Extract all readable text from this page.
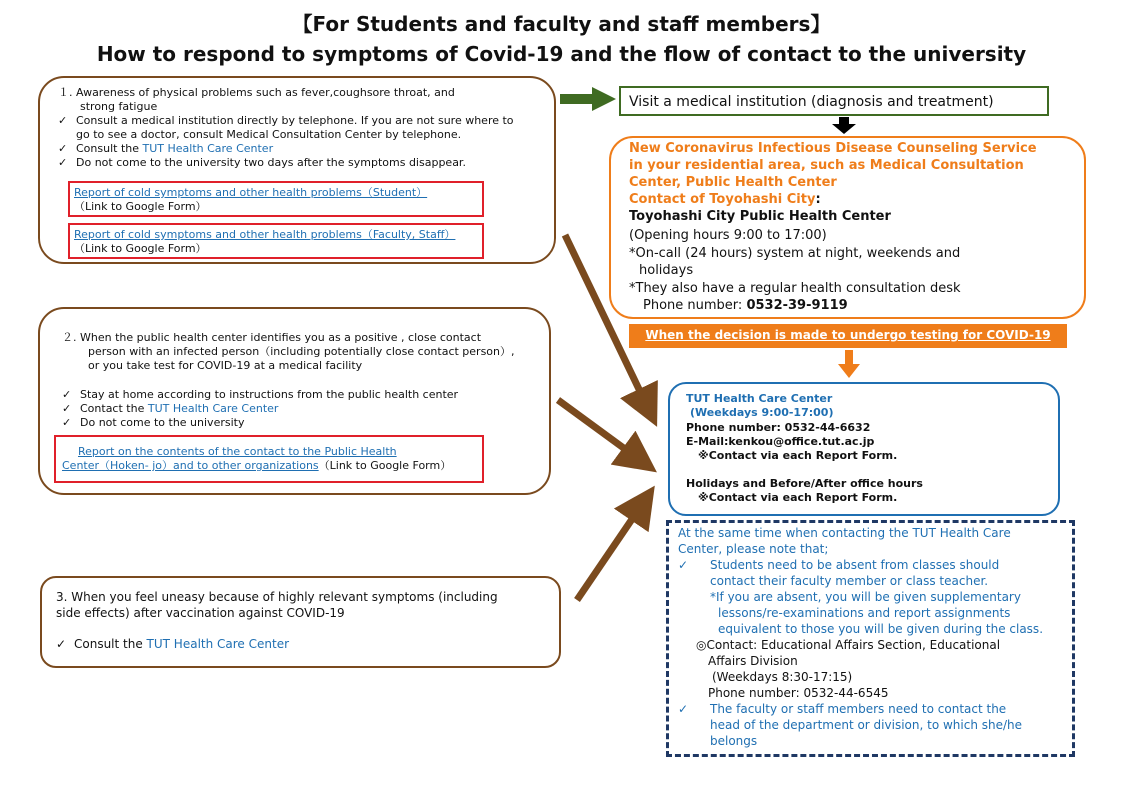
【For Students and faculty and staff members】
How to respond to symptoms of Covid-19 and the flow of contact to the university
１. Awareness of physical problems such as fever,coughsore throat, and
strong fatigue
✓ Consult a medical institution directly by telephone. If you are not sure where to
go to see a doctor, consult Medical Consultation Center by telephone.
✓ Consult the TUT Health Care Center
✓ Do not come to the university two days after the symptoms disappear.
Report of cold symptoms and other health problems（Student）
（Link to Google Form）
Report of cold symptoms and other health problems（Faculty, Staff）
（Link to Google Form）
２. When the public health center identifies you as a positive , close contact
person with an infected person（including potentially close contact person）,
or you take test for COVID-19 at a medical facility
✓ Stay at home according to instructions from the public health center
✓ Contact the TUT Health Care Center
✓ Do not come to the university
Report on the contents of the contact to the Public Health
Center（Hoken- jo）and to other organizations（Link to Google Form）
3. When you feel uneasy because of highly relevant symptoms (including
side effects) after vaccination against COVID-19
✓ Consult the TUT Health Care Center
Visit a medical institution (diagnosis and treatment)
New Coronavirus Infectious Disease Counseling Service
in your residential area, such as Medical Consultation
Center, Public Health Center
Contact of Toyohashi City:
Toyohashi City Public Health Center
(Opening hours 9:00 to 17:00)
*On-call (24 hours) system at night, weekends and
holidays
*They also have a regular health consultation desk
Phone number: 0532-39-9119
When the decision is made to undergo testing for COVID-19
TUT Health Care Center
(Weekdays 9:00-17:00)
Phone number: 0532-44-6632
E-Mail:kenkou@office.tut.ac.jp
※Contact via each Report Form.
Holidays and Before/After office hours
※Contact via each Report Form.
At the same time when contacting the TUT Health Care
Center, please note that;
✓ Students need to be absent from classes should
contact their faculty member or class teacher.
*If you are absent, you will be given supplementary
lessons/re-examinations and report assignments
equivalent to those you will be given during the class.
◎Contact: Educational Affairs Section, Educational
Affairs Division
(Weekdays 8:30-17:15)
Phone number: 0532-44-6545
✓ The faculty or staff members need to contact the
head of the department or division, to which she/he
belongs
